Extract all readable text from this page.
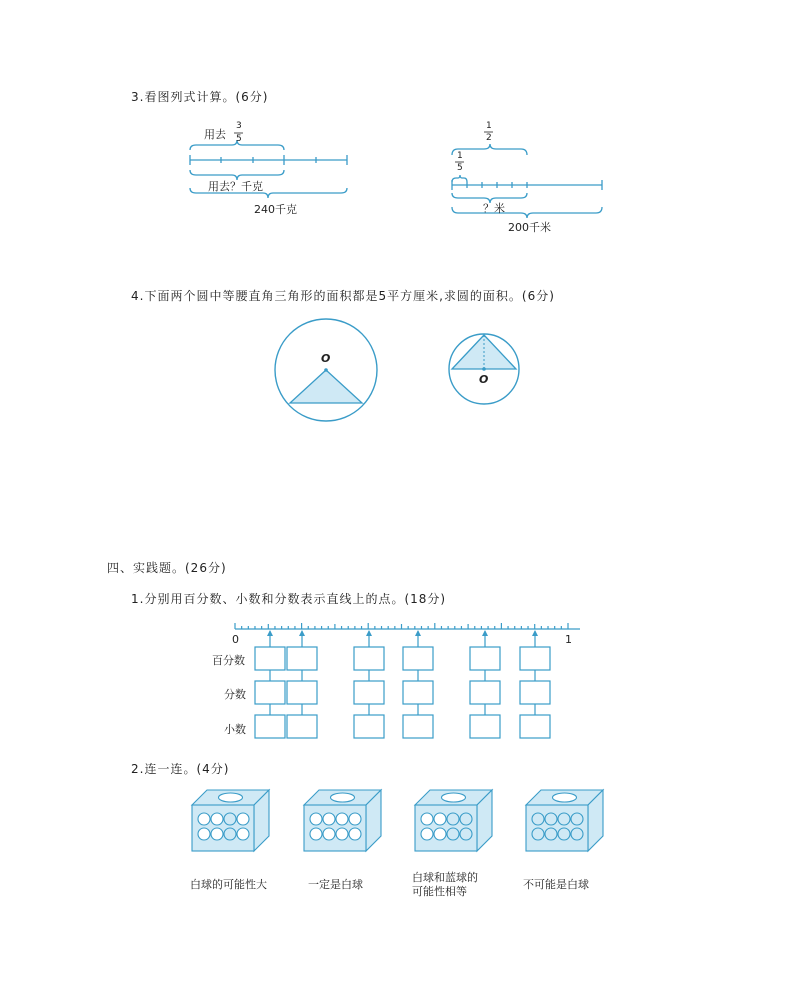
3.看图列式计算。(6分)
用去
3
5
用去？千克
240千克
1
2
1
5
？米
200千米
4.下面两个圆中等腰直角三角形的面积都是5平方厘米,求圆的面积。(6分)
O
O
四、实践题。(26分)
1.分别用百分数、小数和分数表示直线上的点。(18分)
0	1
百分数
分数
小数
2.连一连。(4分)
白球的可能性大	一定是白球
白球和蓝球的
可能性相等
不可能是白球
